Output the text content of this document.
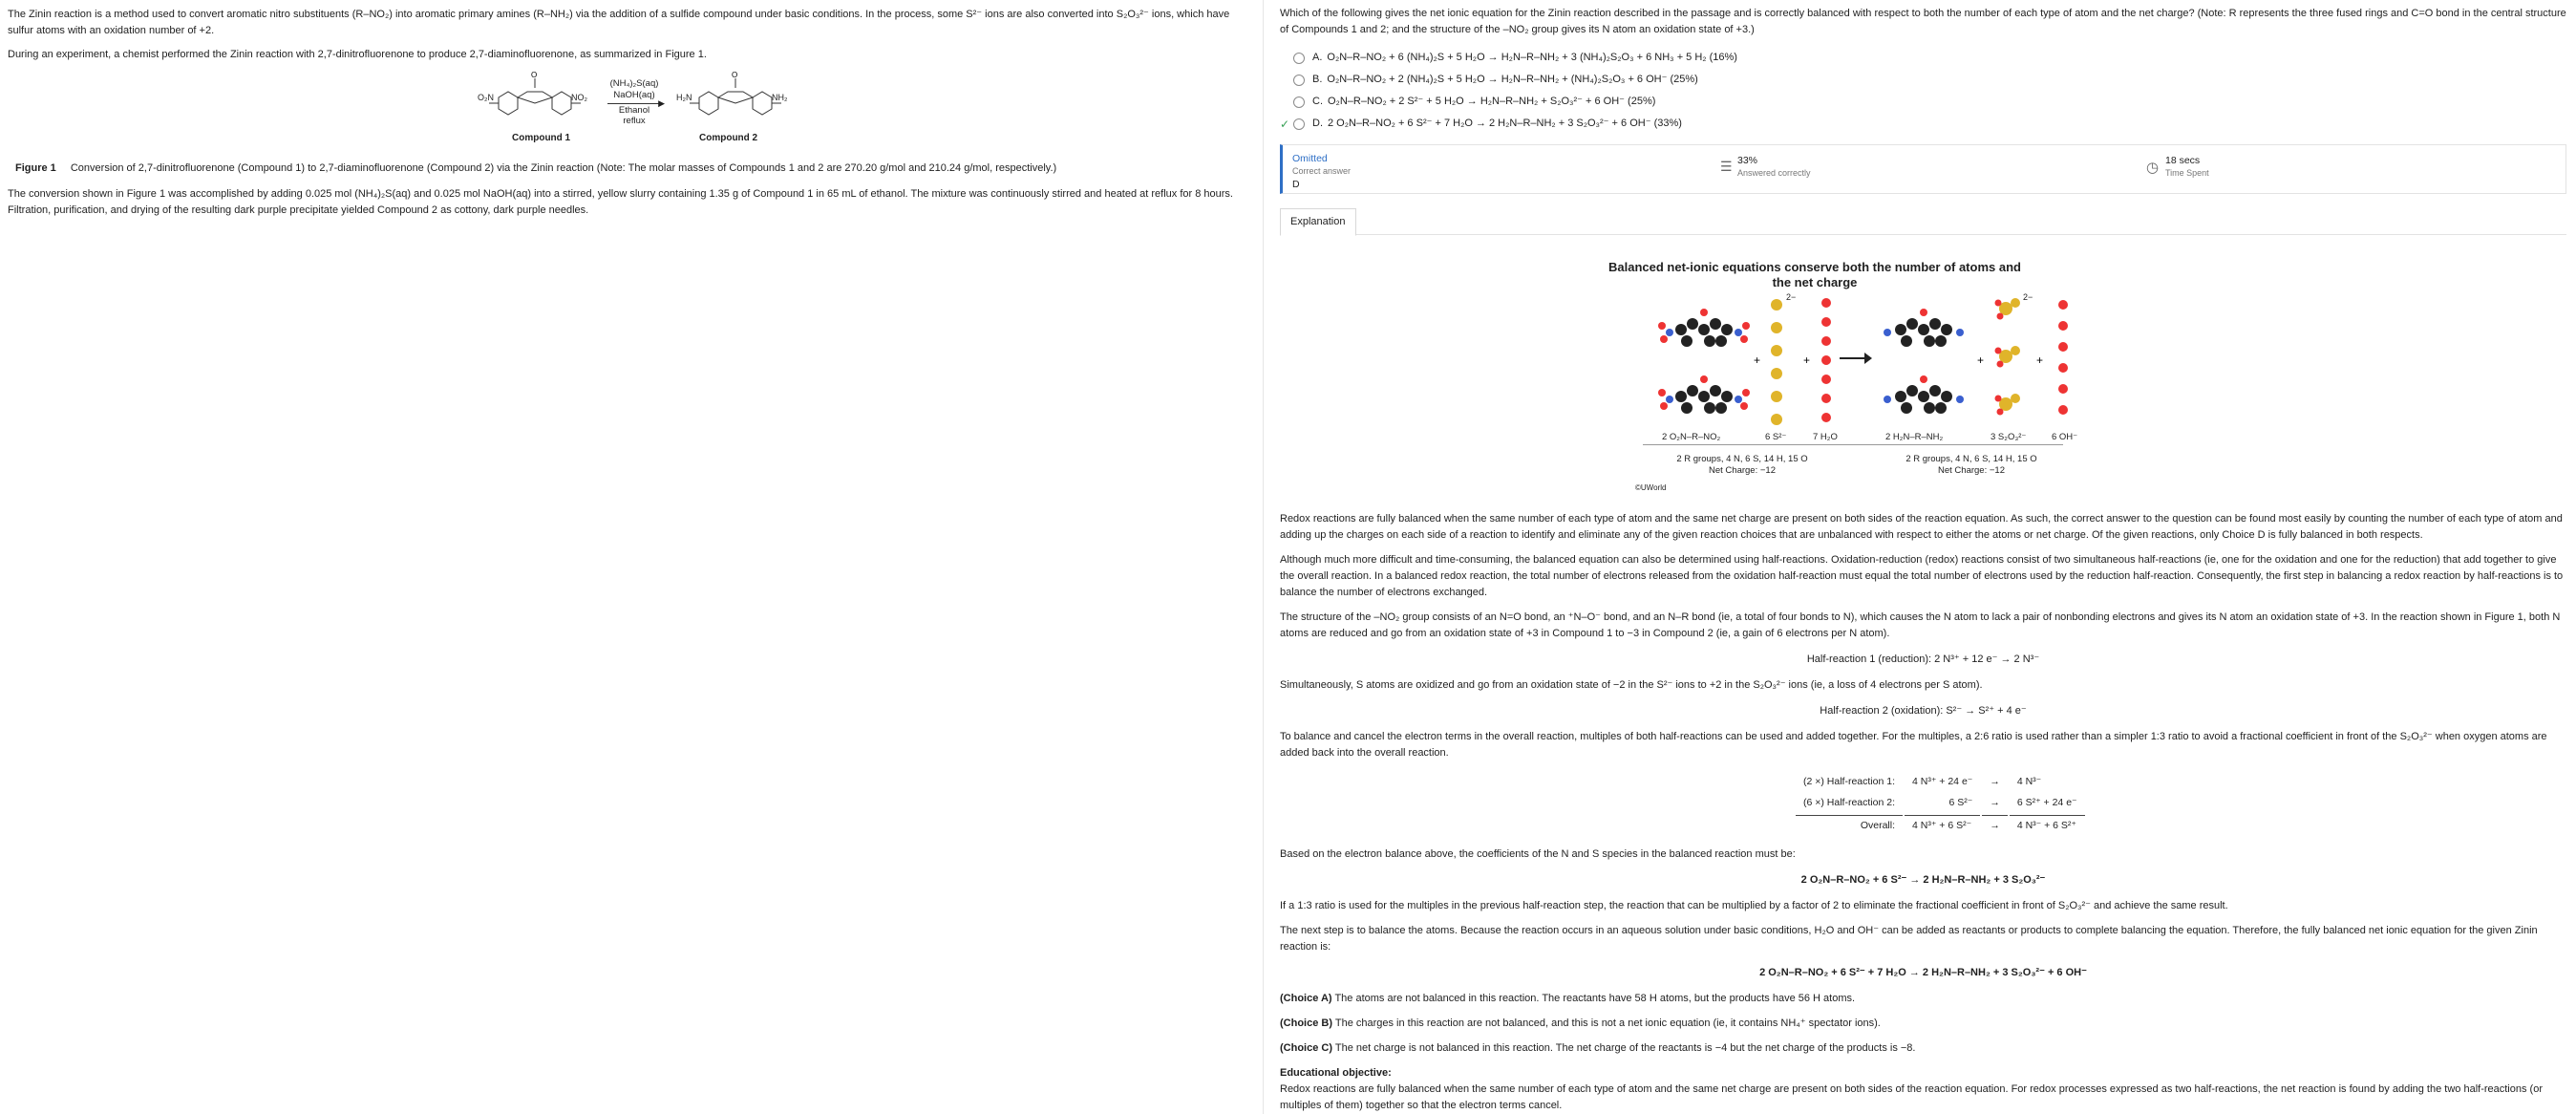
The Zinin reaction is a method used to convert aromatic nitro substituents (R–NO₂) into aromatic primary amines (R–NH₂) via the addition of a sulfide compound under basic conditions. In the process, some S²⁻ ions are also converted into S₂O₃²⁻ ions, which have sulfur atoms with an oxidation number of +2.

During an experiment, a chemist performed the Zinin reaction with 2,7-dinitrofluorenone to produce 2,7-diaminofluorenone, as summarized in Figure 1.

O
O₂N	NO₂
Compound 1
(NH₄)₂S(aq)
NaOH(aq)
▶
Ethanol
reflux
O
H₂N	NH₂
Compound 2
Figure 1 Conversion of 2,7-dinitrofluorenone (Compound 1) to 2,7-diaminofluorenone (Compound 2) via the Zinin reaction (Note: The molar masses of Compounds 1 and 2 are 270.20 g/mol and 210.24 g/mol, respectively.)

The conversion shown in Figure 1 was accomplished by adding 0.025 mol (NH₄)₂S(aq) and 0.025 mol NaOH(aq) into a stirred, yellow slurry containing 1.35 g of Compound 1 in 65 mL of ethanol. The mixture was continuously stirred and heated at reflux for 8 hours. Filtration, purification, and drying of the resulting dark purple precipitate yielded Compound 2 as cottony, dark purple needles.

Which of the following gives the net ionic equation for the Zinin reaction described in the passage and is correctly balanced with respect to both the number of each type of atom and the net charge? (Note: R represents the three fused rings and C=O bond in the central structure of Compounds 1 and 2; and the structure of the –NO₂ group gives its N atom an oxidation state of +3.)

A. O₂N–R–NO₂ + 6 (NH₄)₂S + 5 H₂O → H₂N–R–NH₂ + 3 (NH₄)₂S₂O₃ + 6 NH₃ + 5 H₂ (16%)
B. O₂N–R–NO₂ + 2 (NH₄)₂S + 5 H₂O → H₂N–R–NH₂ + (NH₄)₂S₂O₃ + 6 OH⁻ (25%)
C. O₂N–R–NO₂ + 2 S²⁻ + 5 H₂O → H₂N–R–NH₂ + S₂O₃²⁻ + 6 OH⁻ (25%)
✓ D. 2 O₂N–R–NO₂ + 6 S²⁻ + 7 H₂O → 2 H₂N–R–NH₂ + 3 S₂O₃²⁻ + 6 OH⁻ (33%)
Omitted
Correct answer
D
☰ 33%
Answered correctly	◷ 18 secs
Time Spent
Explanation
Balanced net-ionic equations conserve both the number of atoms and the net charge
+	+	+	+
2−	2−
2 O₂N–R–NO₂	6 S²⁻	7 H₂O	2 H₂N–R–NH₂	3 S₂O₃²⁻	6 OH⁻
2 R groups, 4 N, 6 S, 14 H, 15 O
Net Charge: −12
2 R groups, 4 N, 6 S, 14 H, 15 O
Net Charge: −12
©UWorld

Redox reactions are fully balanced when the same number of each type of atom and the same net charge are present on both sides of the reaction equation. As such, the correct answer to the question can be found most easily by counting the number of each type of atom and adding up the charges on each side of a reaction to identify and eliminate any of the given reaction choices that are unbalanced with respect to either the atoms or net charge. Of the given reactions, only Choice D is fully balanced in both respects.

Although much more difficult and time-consuming, the balanced equation can also be determined using half-reactions. Oxidation-reduction (redox) reactions consist of two simultaneous half-reactions (ie, one for the oxidation and one for the reduction) that add together to give the overall reaction. In a balanced redox reaction, the total number of electrons released from the oxidation half-reaction must equal the total number of electrons used by the reduction half-reaction. Consequently, the first step in balancing a redox reaction by half-reactions is to balance the number of electrons exchanged.

The structure of the –NO₂ group consists of an N=O bond, an ⁺N–O⁻ bond, and an N–R bond (ie, a total of four bonds to N), which causes the N atom to lack a pair of nonbonding electrons and gives its N atom an oxidation state of +3. In the reaction shown in Figure 1, both N atoms are reduced and go from an oxidation state of +3 in Compound 1 to −3 in Compound 2 (ie, a gain of 6 electrons per N atom).

Half-reaction 1 (reduction): 2 N³⁺ + 12 e⁻ → 2 N³⁻

Simultaneously, S atoms are oxidized and go from an oxidation state of −2 in the S²⁻ ions to +2 in the S₂O₃²⁻ ions (ie, a loss of 4 electrons per S atom).

Half-reaction 2 (oxidation): S²⁻ → S²⁺ + 4 e⁻

To balance and cancel the electron terms in the overall reaction, multiples of both half-reactions can be used and added together. For the multiples, a 2:6 ratio is used rather than a simpler 1:3 ratio to avoid a fractional coefficient in front of the S₂O₃²⁻ when oxygen atoms are added back into the overall reaction.

(2 ×) Half-reaction 1:	4 N³⁺ + 24 e⁻	→	4 N³⁻
(6 ×) Half-reaction 2:	6 S²⁻	→	6 S²⁺ + 24 e⁻
Overall:	4 N³⁺ + 6 S²⁻	→	4 N³⁻ + 6 S²⁺

Based on the electron balance above, the coefficients of the N and S species in the balanced reaction must be:

2 O₂N–R–NO₂ + 6 S²⁻ → 2 H₂N–R–NH₂ + 3 S₂O₃²⁻

If a 1:3 ratio is used for the multiples in the previous half-reaction step, the reaction that can be multiplied by a factor of 2 to eliminate the fractional coefficient in front of S₂O₃²⁻ and achieve the same result.

The next step is to balance the atoms. Because the reaction occurs in an aqueous solution under basic conditions, H₂O and OH⁻ can be added as reactants or products to complete balancing the equation. Therefore, the fully balanced net ionic equation for the given Zinin reaction is:

2 O₂N–R–NO₂ + 6 S²⁻ + 7 H₂O → 2 H₂N–R–NH₂ + 3 S₂O₃²⁻ + 6 OH⁻

(Choice A) The atoms are not balanced in this reaction. The reactants have 58 H atoms, but the products have 56 H atoms.

(Choice B) The charges in this reaction are not balanced, and this is not a net ionic equation (ie, it contains NH₄⁺ spectator ions).

(Choice C) The net charge is not balanced in this reaction. The net charge of the reactants is −4 but the net charge of the products is −8.

Educational objective:
Redox reactions are fully balanced when the same number of each type of atom and the same net charge are present on both sides of the reaction equation. For redox processes expressed as two half-reactions, the net reaction is found by adding the two half-reactions (or multiples of them) together so that the electron terms cancel.
